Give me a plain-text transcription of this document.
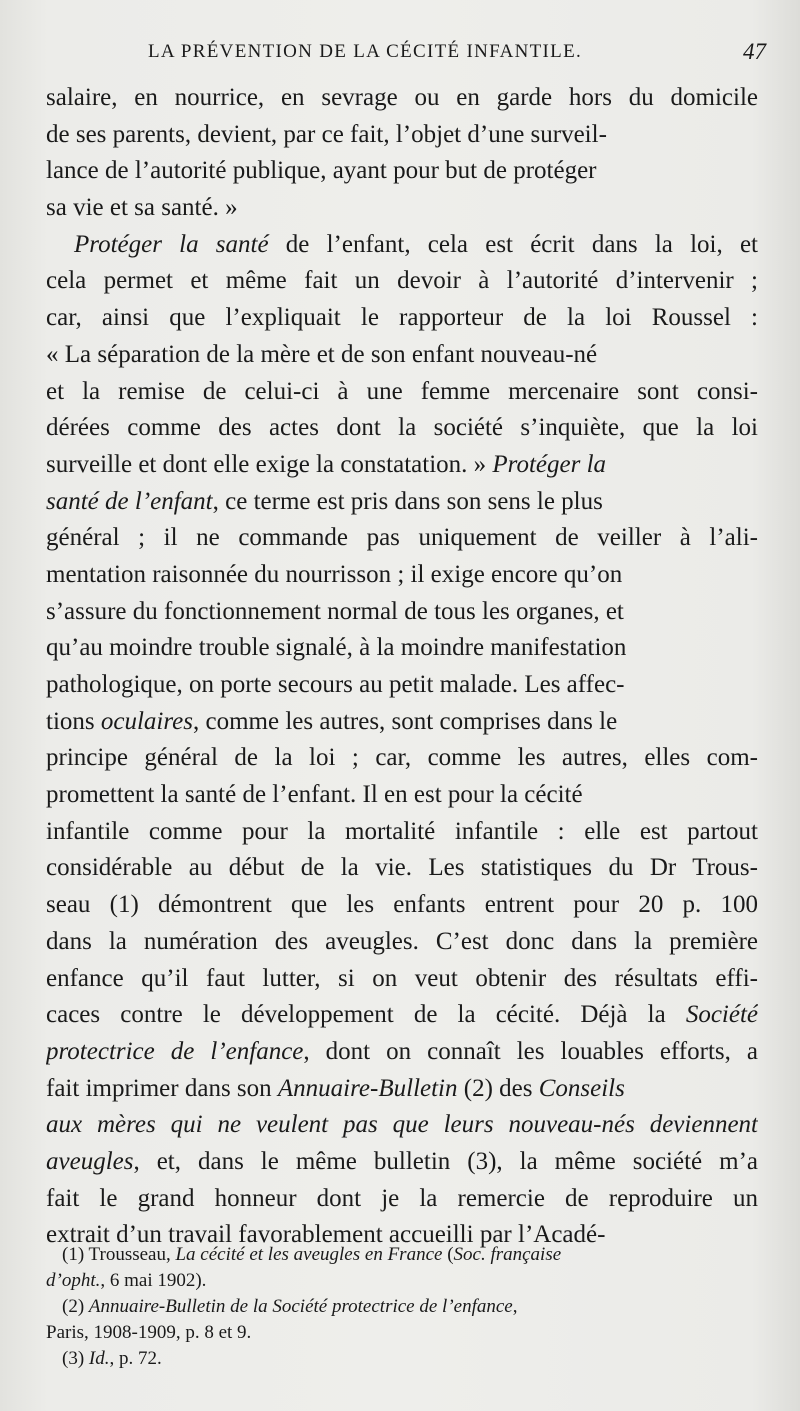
LA PRÉVENTION DE LA CÉCITÉ INFANTILE.	47
salaire, en nourrice, en sevrage ou en garde hors du domicile
de ses parents, devient, par ce fait, l’objet d’une surveil-
lance de l’autorité publique, ayant pour but de protéger
sa vie et sa santé. »
Protéger la santé de l’enfant, cela est écrit dans la loi, et
cela permet et même fait un devoir à l’autorité d’intervenir ;
car, ainsi que l’expliquait le rapporteur de la loi Roussel :
« La séparation de la mère et de son enfant nouveau-né
et la remise de celui-ci à une femme mercenaire sont consi-
dérées comme des actes dont la société s’inquiète, que la loi
surveille et dont elle exige la constatation. » Protéger la
santé de l’enfant, ce terme est pris dans son sens le plus
général ; il ne commande pas uniquement de veiller à l’ali-
mentation raisonnée du nourrisson ; il exige encore qu’on
s’assure du fonctionnement normal de tous les organes, et
qu’au moindre trouble signalé, à la moindre manifestation
pathologique, on porte secours au petit malade. Les affec-
tions oculaires, comme les autres, sont comprises dans le
principe général de la loi ; car, comme les autres, elles com-
promettent la santé de l’enfant. Il en est pour la cécité
infantile comme pour la mortalité infantile : elle est partout
considérable au début de la vie. Les statistiques du Dr Trous-
seau (1) démontrent que les enfants entrent pour 20 p. 100
dans la numération des aveugles. C’est donc dans la première
enfance qu’il faut lutter, si on veut obtenir des résultats effi-
caces contre le développement de la cécité. Déjà la Société
protectrice de l’enfance, dont on connaît les louables efforts, a
fait imprimer dans son Annuaire-Bulletin (2) des Conseils
aux mères qui ne veulent pas que leurs nouveau-nés deviennent
aveugles, et, dans le même bulletin (3), la même société m’a
fait le grand honneur dont je la remercie de reproduire un
extrait d’un travail favorablement accueilli par l’Acadé-
(1) Trousseau, La cécité et les aveugles en France (Soc. française
d’opht., 6 mai 1902).
(2) Annuaire-Bulletin de la Société protectrice de l’enfance,
Paris, 1908-1909, p. 8 et 9.
(3) Id., p. 72.
